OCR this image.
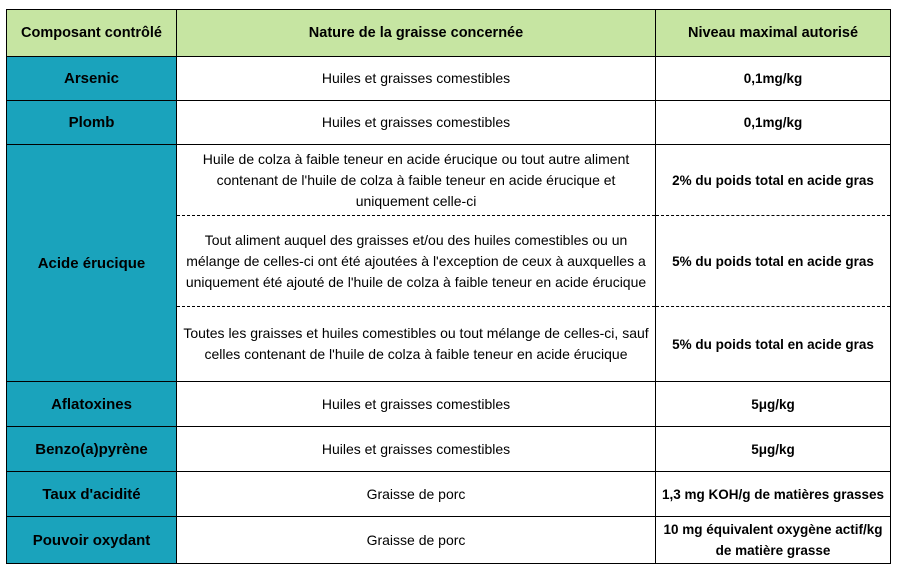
Composant contrôlé	Nature de la graisse concernée	Niveau maximal autorisé
Arsenic	Huiles et graisses comestibles	0,1mg/kg
Plomb	Huiles et graisses comestibles	0,1mg/kg
Acide érucique	Huile de colza à faible teneur en acide érucique ou tout autre aliment contenant de l'huile de colza à faible teneur en acide érucique et uniquement celle-ci	2% du poids total en acide gras
	Tout aliment auquel des graisses et/ou des huiles comestibles ou un mélange de celles-ci ont été ajoutées à l'exception de ceux à auxquelles a uniquement été ajouté de l'huile de colza à faible teneur en acide érucique	5% du poids total en acide gras
	Toutes les graisses et huiles comestibles ou tout mélange de celles-ci, sauf celles contenant de l'huile de colza à faible teneur en acide érucique	5% du poids total en acide gras
Aflatoxines	Huiles et graisses comestibles	5μg/kg
Benzo(a)pyrène	Huiles et graisses comestibles	5μg/kg
Taux d'acidité	Graisse de porc	1,3 mg KOH/g de matières grasses
Pouvoir oxydant	Graisse de porc	10 mg équivalent oxygène actif/kg de matière grasse
